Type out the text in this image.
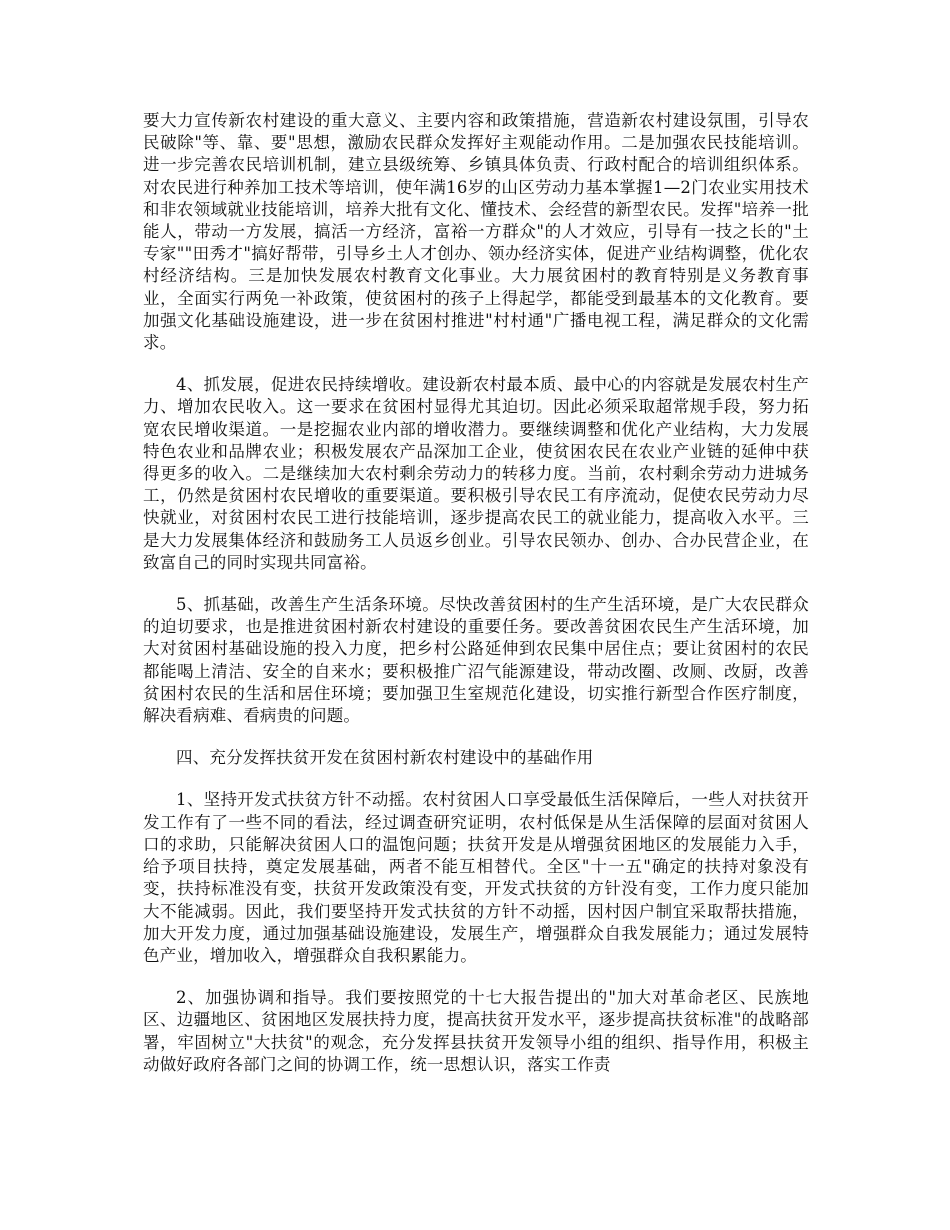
要大力宣传新农村建设的重大意义、主要内容和政策措施，营造新农村建设氛围，引导农民破除"等、靠、要"思想，激励农民群众发挥好主观能动作用。二是加强农民技能培训。进一步完善农民培训机制，建立县级统筹、乡镇具体负责、行政村配合的培训组织体系。对农民进行种养加工技术等培训，使年满16岁的山区劳动力基本掌握1—2门农业实用技术和非农领域就业技能培训，培养大批有文化、懂技术、会经营的新型农民。发挥"培养一批能人，带动一方发展，搞活一方经济，富裕一方群众"的人才效应，引导有一技之长的"土专家""田秀才"搞好帮带，引导乡土人才创办、领办经济实体，促进产业结构调整，优化农村经济结构。三是加快发展农村教育文化事业。大力展贫困村的教育特别是义务教育事业，全面实行两免一补政策，使贫困村的孩子上得起学，都能受到最基本的文化教育。要加强文化基础设施建设，进一步在贫困村推进"村村通"广播电视工程，满足群众的文化需求。

4、抓发展，促进农民持续增收。建设新农村最本质、最中心的内容就是发展农村生产力、增加农民收入。这一要求在贫困村显得尤其迫切。因此必须采取超常规手段，努力拓宽农民增收渠道。一是挖掘农业内部的增收潜力。要继续调整和优化产业结构，大力发展特色农业和品牌农业；积极发展农产品深加工企业，使贫困农民在农业产业链的延伸中获得更多的收入。二是继续加大农村剩余劳动力的转移力度。当前，农村剩余劳动力进城务工，仍然是贫困村农民增收的重要渠道。要积极引导农民工有序流动，促使农民劳动力尽快就业，对贫困村农民工进行技能培训，逐步提高农民工的就业能力，提高收入水平。三是大力发展集体经济和鼓励务工人员返乡创业。引导农民领办、创办、合办民营企业，在致富自己的同时实现共同富裕。

5、抓基础，改善生产生活条环境。尽快改善贫困村的生产生活环境，是广大农民群众的迫切要求，也是推进贫困村新农村建设的重要任务。要改善贫困农民生产生活环境，加大对贫困村基础设施的投入力度，把乡村公路延伸到农民集中居住点；要让贫困村的农民都能喝上清洁、安全的自来水；要积极推广沼气能源建设，带动改圈、改厕、改厨，改善贫困村农民的生活和居住环境；要加强卫生室规范化建设，切实推行新型合作医疗制度，解决看病难、看病贵的问题。

四、充分发挥扶贫开发在贫困村新农村建设中的基础作用

1、坚持开发式扶贫方针不动摇。农村贫困人口享受最低生活保障后，一些人对扶贫开发工作有了一些不同的看法，经过调查研究证明，农村低保是从生活保障的层面对贫困人口的求助，只能解决贫困人口的温饱问题；扶贫开发是从增强贫困地区的发展能力入手，给予项目扶持，奠定发展基础，两者不能互相替代。全区"十一五"确定的扶持对象没有变，扶持标准没有变，扶贫开发政策没有变，开发式扶贫的方针没有变，工作力度只能加大不能减弱。因此，我们要坚持开发式扶贫的方针不动摇，因村因户制宜采取帮扶措施，加大开发力度，通过加强基础设施建设，发展生产，增强群众自我发展能力；通过发展特色产业，增加收入，增强群众自我积累能力。

2、加强协调和指导。我们要按照党的十七大报告提出的"加大对革命老区、民族地区、边疆地区、贫困地区发展扶持力度，提高扶贫开发水平，逐步提高扶贫标准"的战略部署，牢固树立"大扶贫"的观念，充分发挥县扶贫开发领导小组的组织、指导作用，积极主动做好政府各部门之间的协调工作，统一思想认识，落实工作责
